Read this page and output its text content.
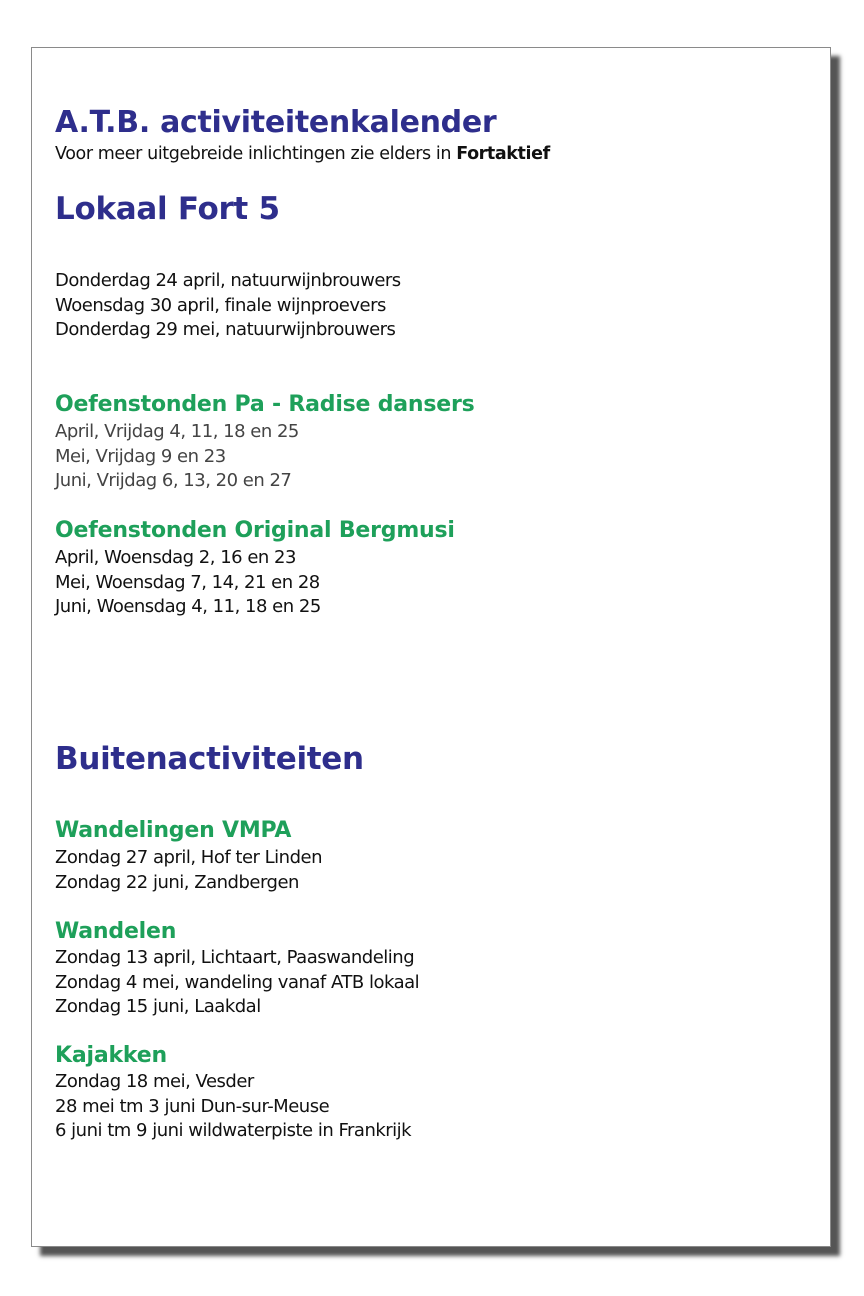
A.T.B. activiteitenkalender
Voor meer uitgebreide inlichtingen zie elders in Fortaktief
Lokaal Fort 5
Donderdag 24 april, natuurwijnbrouwers
Woensdag 30 april, finale wijnproevers
Donderdag 29 mei, natuurwijnbrouwers
Oefenstonden Pa - Radise dansers
April, Vrijdag 4, 11, 18 en 25
Mei, Vrijdag 9 en 23
Juni, Vrijdag 6, 13, 20 en 27
Oefenstonden Original Bergmusi
April, Woensdag 2, 16 en 23
Mei, Woensdag 7, 14, 21 en 28
Juni, Woensdag 4, 11, 18 en 25
Buitenactiviteiten
Wandelingen VMPA
Zondag 27 april, Hof ter Linden
Zondag 22 juni, Zandbergen
Wandelen
Zondag 13 april, Lichtaart, Paaswandeling
Zondag 4 mei, wandeling vanaf ATB lokaal
Zondag 15 juni, Laakdal
Kajakken
Zondag 18 mei, Vesder
28 mei tm 3 juni Dun-sur-Meuse
6 juni tm 9 juni wildwaterpiste in Frankrijk
